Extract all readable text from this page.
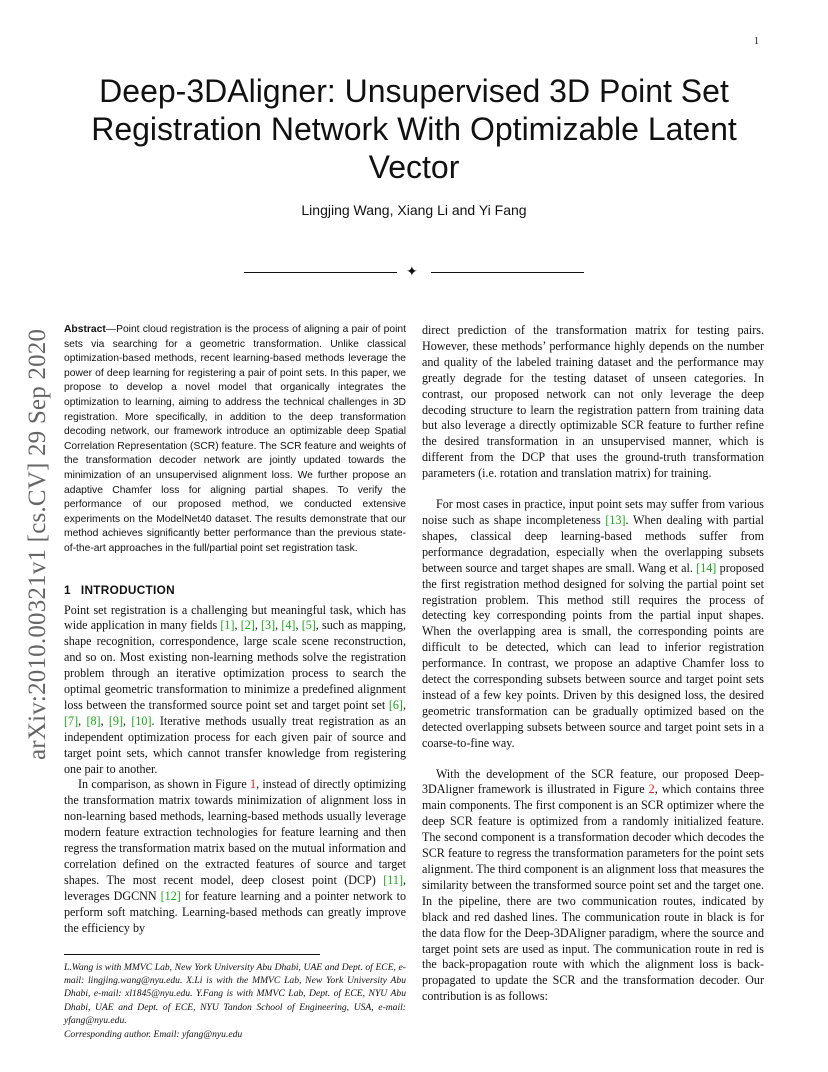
1
Deep-3DAligner: Unsupervised 3D Point Set Registration Network With Optimizable Latent Vector
Lingjing Wang, Xiang Li and Yi Fang
✦
arXiv:2010.00321v1 [cs.CV] 29 Sep 2020 Abstract—Point cloud registration is the process of aligning a pair of point sets via searching for a geometric transformation. Unlike classical optimization-based methods, recent learning-based methods leverage the power of deep learning for registering a pair of point sets. In this paper, we propose to develop a novel model that organically integrates the optimization to learning, aiming to address the technical challenges in 3D registration. More specifically, in addition to the deep transformation decoding network, our framework introduce an optimizable deep Spatial Correlation Representation (SCR) feature. The SCR feature and weights of the transformation decoder network are jointly updated towards the minimization of an unsupervised alignment loss. We further propose an adaptive Chamfer loss for aligning partial shapes. To verify the performance of our proposed method, we conducted extensive experiments on the ModelNet40 dataset. The results demonstrate that our method achieves significantly better performance than the previous state-of-the-art approaches in the full/partial point set registration task.

1 INTRODUCTION

Point set registration is a challenging but meaningful task, which has wide application in many fields [1], [2], [3], [4], [5], such as mapping, shape recognition, correspondence, large scale scene reconstruction, and so on. Most existing non-learning methods solve the registration problem through an iterative optimization process to search the optimal geometric transformation to minimize a predefined alignment loss between the transformed source point set and target point set [6], [7], [8], [9], [10]. Iterative methods usually treat registration as an independent optimization process for each given pair of source and target point sets, which cannot transfer knowledge from registering one pair to another.

In comparison, as shown in Figure 1, instead of directly optimizing the transformation matrix towards minimization of alignment loss in non-learning based methods, learning-based methods usually leverage modern feature extraction technologies for feature learning and then regress the transformation matrix based on the mutual information and correlation defined on the extracted features of source and target shapes. The most recent model, deep closest point (DCP) [11], leverages DGCNN [12] for feature learning and a pointer network to perform soft matching. Learning-based methods can greatly improve the efficiency by

L.Wang is with MMVC Lab, New York University Abu Dhabi, UAE and Dept. of ECE, e-mail: lingjing.wang@nyu.edu. X.Li is with the MMVC Lab, New York University Abu Dhabi, e-mail: xl1845@nyu.edu. Y.Fang is with MMVC Lab, Dept. of ECE, NYU Abu Dhabi, UAE and Dept. of ECE, NYU Tandon School of Engineering, USA, e-mail: yfang@nyu.edu.

Corresponding author. Email: yfang@nyu.edu

direct prediction of the transformation matrix for testing pairs. However, these methods’ performance highly depends on the number and quality of the labeled training dataset and the performance may greatly degrade for the testing dataset of unseen categories. In contrast, our proposed network can not only leverage the deep decoding structure to learn the registration pattern from training data but also leverage a directly optimizable SCR feature to further refine the desired transformation in an unsupervised manner, which is different from the DCP that uses the ground-truth transformation parameters (i.e. rotation and translation matrix) for training.

For most cases in practice, input point sets may suffer from various noise such as shape incompleteness [13]. When dealing with partial shapes, classical deep learning-based methods suffer from performance degradation, especially when the overlapping subsets between source and target shapes are small. Wang et al. [14] proposed the first registration method designed for solving the partial point set registration problem. This method still requires the process of detecting key corresponding points from the partial input shapes. When the overlapping area is small, the corresponding points are difficult to be detected, which can lead to inferior registration performance. In contrast, we propose an adaptive Chamfer loss to detect the corresponding subsets between source and target point sets instead of a few key points. Driven by this designed loss, the desired geometric transformation can be gradually optimized based on the detected overlapping subsets between source and target point sets in a coarse-to-fine way.

With the development of the SCR feature, our proposed Deep-3DAligner framework is illustrated in Figure 2, which contains three main components. The first component is an SCR optimizer where the deep SCR feature is optimized from a randomly initialized feature. The second component is a transformation decoder which decodes the SCR feature to regress the transformation parameters for the point sets alignment. The third component is an alignment loss that measures the similarity between the transformed source point set and the target one. In the pipeline, there are two communication routes, indicated by black and red dashed lines. The communication route in black is for the data flow for the Deep-3DAligner paradigm, where the source and target point sets are used as input. The communication route in red is the back-propagation route with which the alignment loss is back-propagated to update the SCR and the transformation decoder. Our contribution is as follows:
